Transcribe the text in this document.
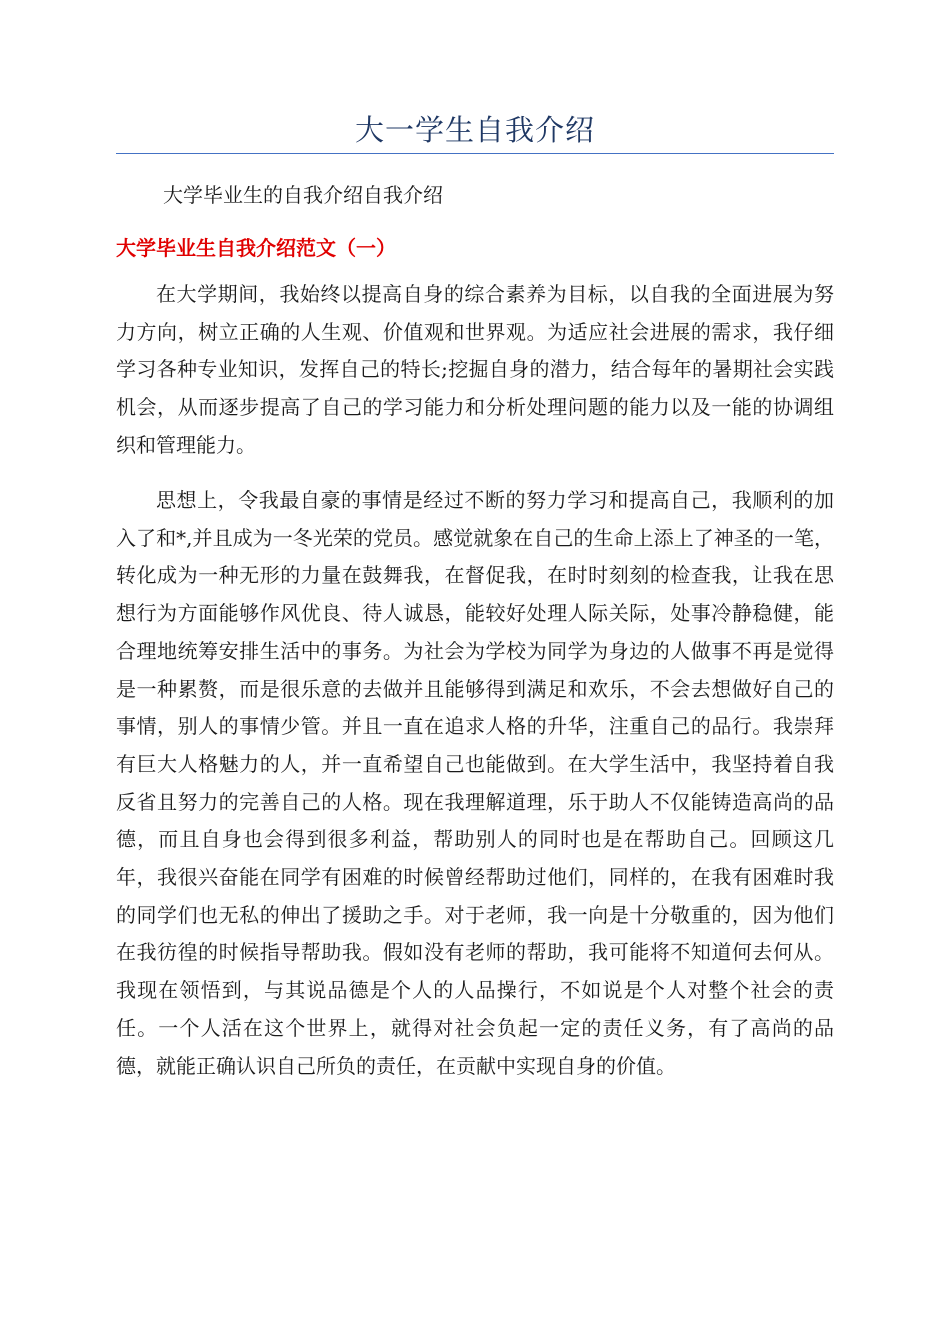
大一学生自我介绍
大学毕业生的自我介绍自我介绍
大学毕业生自我介绍范文（一）

在大学期间，我始终以提高自身的综合素养为目标，以自我的全面进展为努力方向，树立正确的人生观、价值观和世界观。为适应社会进展的需求，我仔细学习各种专业知识，发挥自己的特长;挖掘自身的潜力，结合每年的暑期社会实践机会，从而逐步提高了自己的学习能力和分析处理问题的能力以及一能的协调组织和管理能力。

思想上，令我最自豪的事情是经过不断的努力学习和提高自己，我顺利的加入了和*,并且成为一冬光荣的党员。感觉就象在自己的生命上添上了神圣的一笔，转化成为一种无形的力量在鼓舞我，在督促我，在时时刻刻的检查我，让我在思想行为方面能够作风优良、待人诚恳，能较好处理人际关际，处事冷静稳健，能合理地统筹安排生活中的事务。为社会为学校为同学为身边的人做事不再是觉得是一种累赘，而是很乐意的去做并且能够得到满足和欢乐，不会去想做好自己的事情，别人的事情少管。并且一直在追求人格的升华，注重自己的品行。我崇拜有巨大人格魅力的人，并一直希望自己也能做到。在大学生活中，我坚持着自我反省且努力的完善自己的人格。现在我理解道理，乐于助人不仅能铸造高尚的品德，而且自身也会得到很多利益，帮助别人的同时也是在帮助自己。回顾这几年，我很兴奋能在同学有困难的时候曾经帮助过他们，同样的，在我有困难时我的同学们也无私的伸出了援助之手。对于老师，我一向是十分敬重的，因为他们在我彷徨的时候指导帮助我。假如没有老师的帮助，我可能将不知道何去何从。我现在领悟到，与其说品德是个人的人品操行，不如说是个人对整个社会的责任。一个人活在这个世界上，就得对社会负起一定的责任义务，有了高尚的品德，就能正确认识自己所负的责任，在贡献中实现自身的价值。
